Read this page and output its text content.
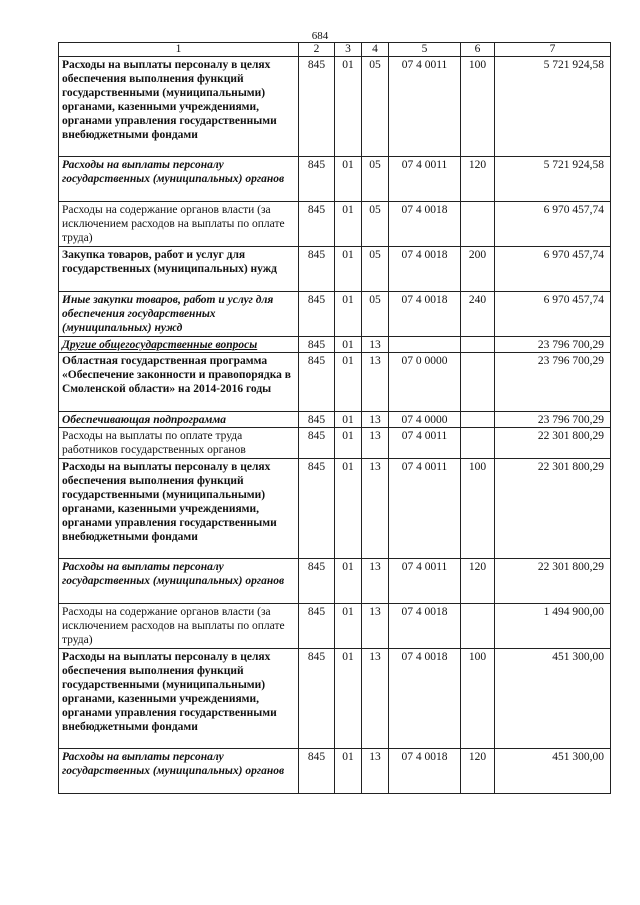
684
1	2	3	4	5	6	7
Расходы на выплаты персоналу в целях обеспечения выполнения функций государственными (муниципальными) органами, казенными учреждениями, органами управления государственными внебюджетными фондами	845	01	05	07 4 0011	100	5 721 924,58
Расходы на выплаты персоналу государственных (муниципальных) органов	845	01	05	07 4 0011	120	5 721 924,58
Расходы на содержание органов власти (за исключением расходов на выплаты по оплате труда)	845	01	05	07 4 0018		6 970 457,74
Закупка товаров, работ и услуг для государственных (муниципальных) нужд	845	01	05	07 4 0018	200	6 970 457,74
Иные закупки товаров, работ и услуг для обеспечения государственных (муниципальных) нужд	845	01	05	07 4 0018	240	6 970 457,74
Другие общегосударственные вопросы	845	01	13			23 796 700,29
Областная государственная программа «Обеспечение законности и правопорядка в Смоленской области» на 2014-2016 годы	845	01	13	07 0 0000		23 796 700,29
Обеспечивающая подпрограмма	845	01	13	07 4 0000		23 796 700,29
Расходы на выплаты по оплате труда работников государственных органов	845	01	13	07 4 0011		22 301 800,29
Расходы на выплаты персоналу в целях обеспечения выполнения функций государственными (муниципальными) органами, казенными учреждениями, органами управления государственными внебюджетными фондами	845	01	13	07 4 0011	100	22 301 800,29
Расходы на выплаты персоналу государственных (муниципальных) органов	845	01	13	07 4 0011	120	22 301 800,29
Расходы на содержание органов власти (за исключением расходов на выплаты по оплате труда)	845	01	13	07 4 0018		1 494 900,00
Расходы на выплаты персоналу в целях обеспечения выполнения функций государственными (муниципальными) органами, казенными учреждениями, органами управления государственными внебюджетными фондами	845	01	13	07 4 0018	100	451 300,00
Расходы на выплаты персоналу государственных (муниципальных) органов	845	01	13	07 4 0018	120	451 300,00
